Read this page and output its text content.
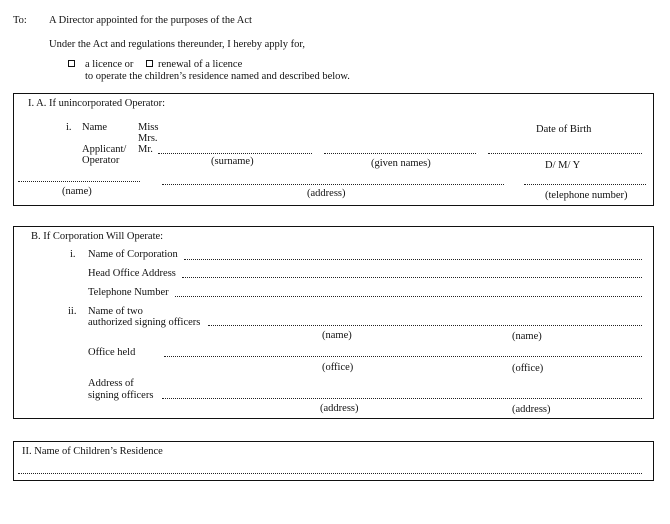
To: A Director appointed for the purposes of the Act
Under the Act and regulations thereunder, I hereby apply for,
a licence or renewal of a licence
to operate the children’s residence named and described below.
I. A. If unincorporated Operator:
i. Name	Miss
Mrs.
Mr.
Applicant/
Operator
Date of Birth
(surname)	(given names)	D/ M/ Y
(name)	(address)	(telephone number)
B. If Corporation Will Operate:
i. Name of Corporation
Head Office Address
Telephone Number
ii. Name of two
authorized signing officers
(name)	(name)
Office held
(office)	(office)
Address of
signing officers
(address)	(address)
II. Name of Children’s Residence
